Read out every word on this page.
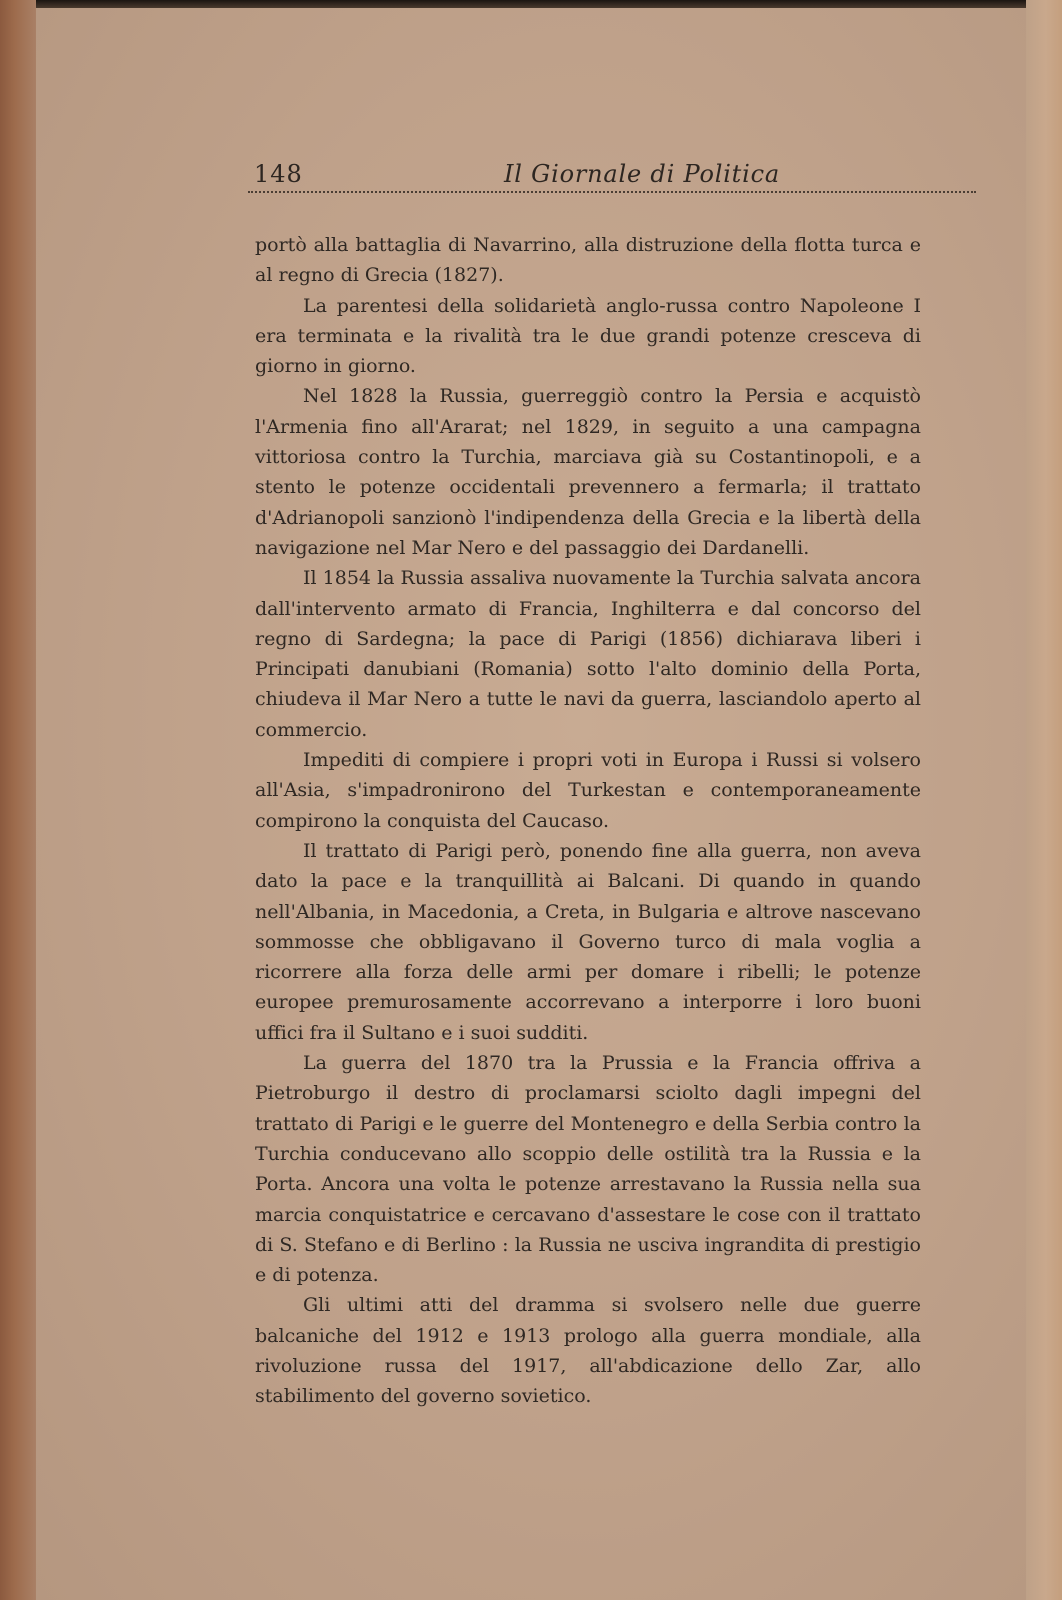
148	Il Giornale di Politica

portò alla battaglia di Navarrino, alla distruzione della flotta turca e al regno di Grecia (1827).

La parentesi della solidarietà anglo-russa contro Napoleone I era terminata e la rivalità tra le due grandi potenze cresceva di giorno in giorno.

Nel 1828 la Russia, guerreggiò contro la Persia e acquistò l'Armenia fino all'Ararat; nel 1829, in seguito a una campagna vittoriosa contro la Turchia, marciava già su Costantinopoli, e a stento le potenze occidentali prevennero a fermarla; il trattato d'Adrianopoli sanzionò l'indipendenza della Grecia e la libertà della navigazione nel Mar Nero e del passaggio dei Dardanelli.

Il 1854 la Russia assaliva nuovamente la Turchia salvata ancora dall'intervento armato di Francia, Inghilterra e dal concorso del regno di Sardegna; la pace di Parigi (1856) dichiarava liberi i Principati danubiani (Romania) sotto l'alto dominio della Porta, chiudeva il Mar Nero a tutte le navi da guerra, lasciandolo aperto al commercio.

Impediti di compiere i propri voti in Europa i Russi si volsero all'Asia, s'impadronirono del Turkestan e contemporaneamente compirono la conquista del Caucaso.

Il trattato di Parigi però, ponendo fine alla guerra, non aveva dato la pace e la tranquillità ai Balcani. Di quando in quando nell'Albania, in Macedonia, a Creta, in Bulgaria e altrove nascevano sommosse che obbligavano il Governo turco di mala voglia a ricorrere alla forza delle armi per domare i ribelli; le potenze europee premurosamente accorrevano a interporre i loro buoni uffici fra il Sultano e i suoi sudditi.

La guerra del 1870 tra la Prussia e la Francia offriva a Pietroburgo il destro di proclamarsi sciolto dagli impegni del trattato di Parigi e le guerre del Montenegro e della Serbia contro la Turchia conducevano allo scoppio delle ostilità tra la Russia e la Porta. Ancora una volta le potenze arrestavano la Russia nella sua marcia conquistatrice e cercavano d'assestare le cose con il trattato di S. Stefano e di Berlino : la Russia ne usciva ingrandita di prestigio e di potenza.

Gli ultimi atti del dramma si svolsero nelle due guerre balcaniche del 1912 e 1913 prologo alla guerra mondiale, alla rivoluzione russa del 1917, all'abdicazione dello Zar, allo stabilimento del governo sovietico.
